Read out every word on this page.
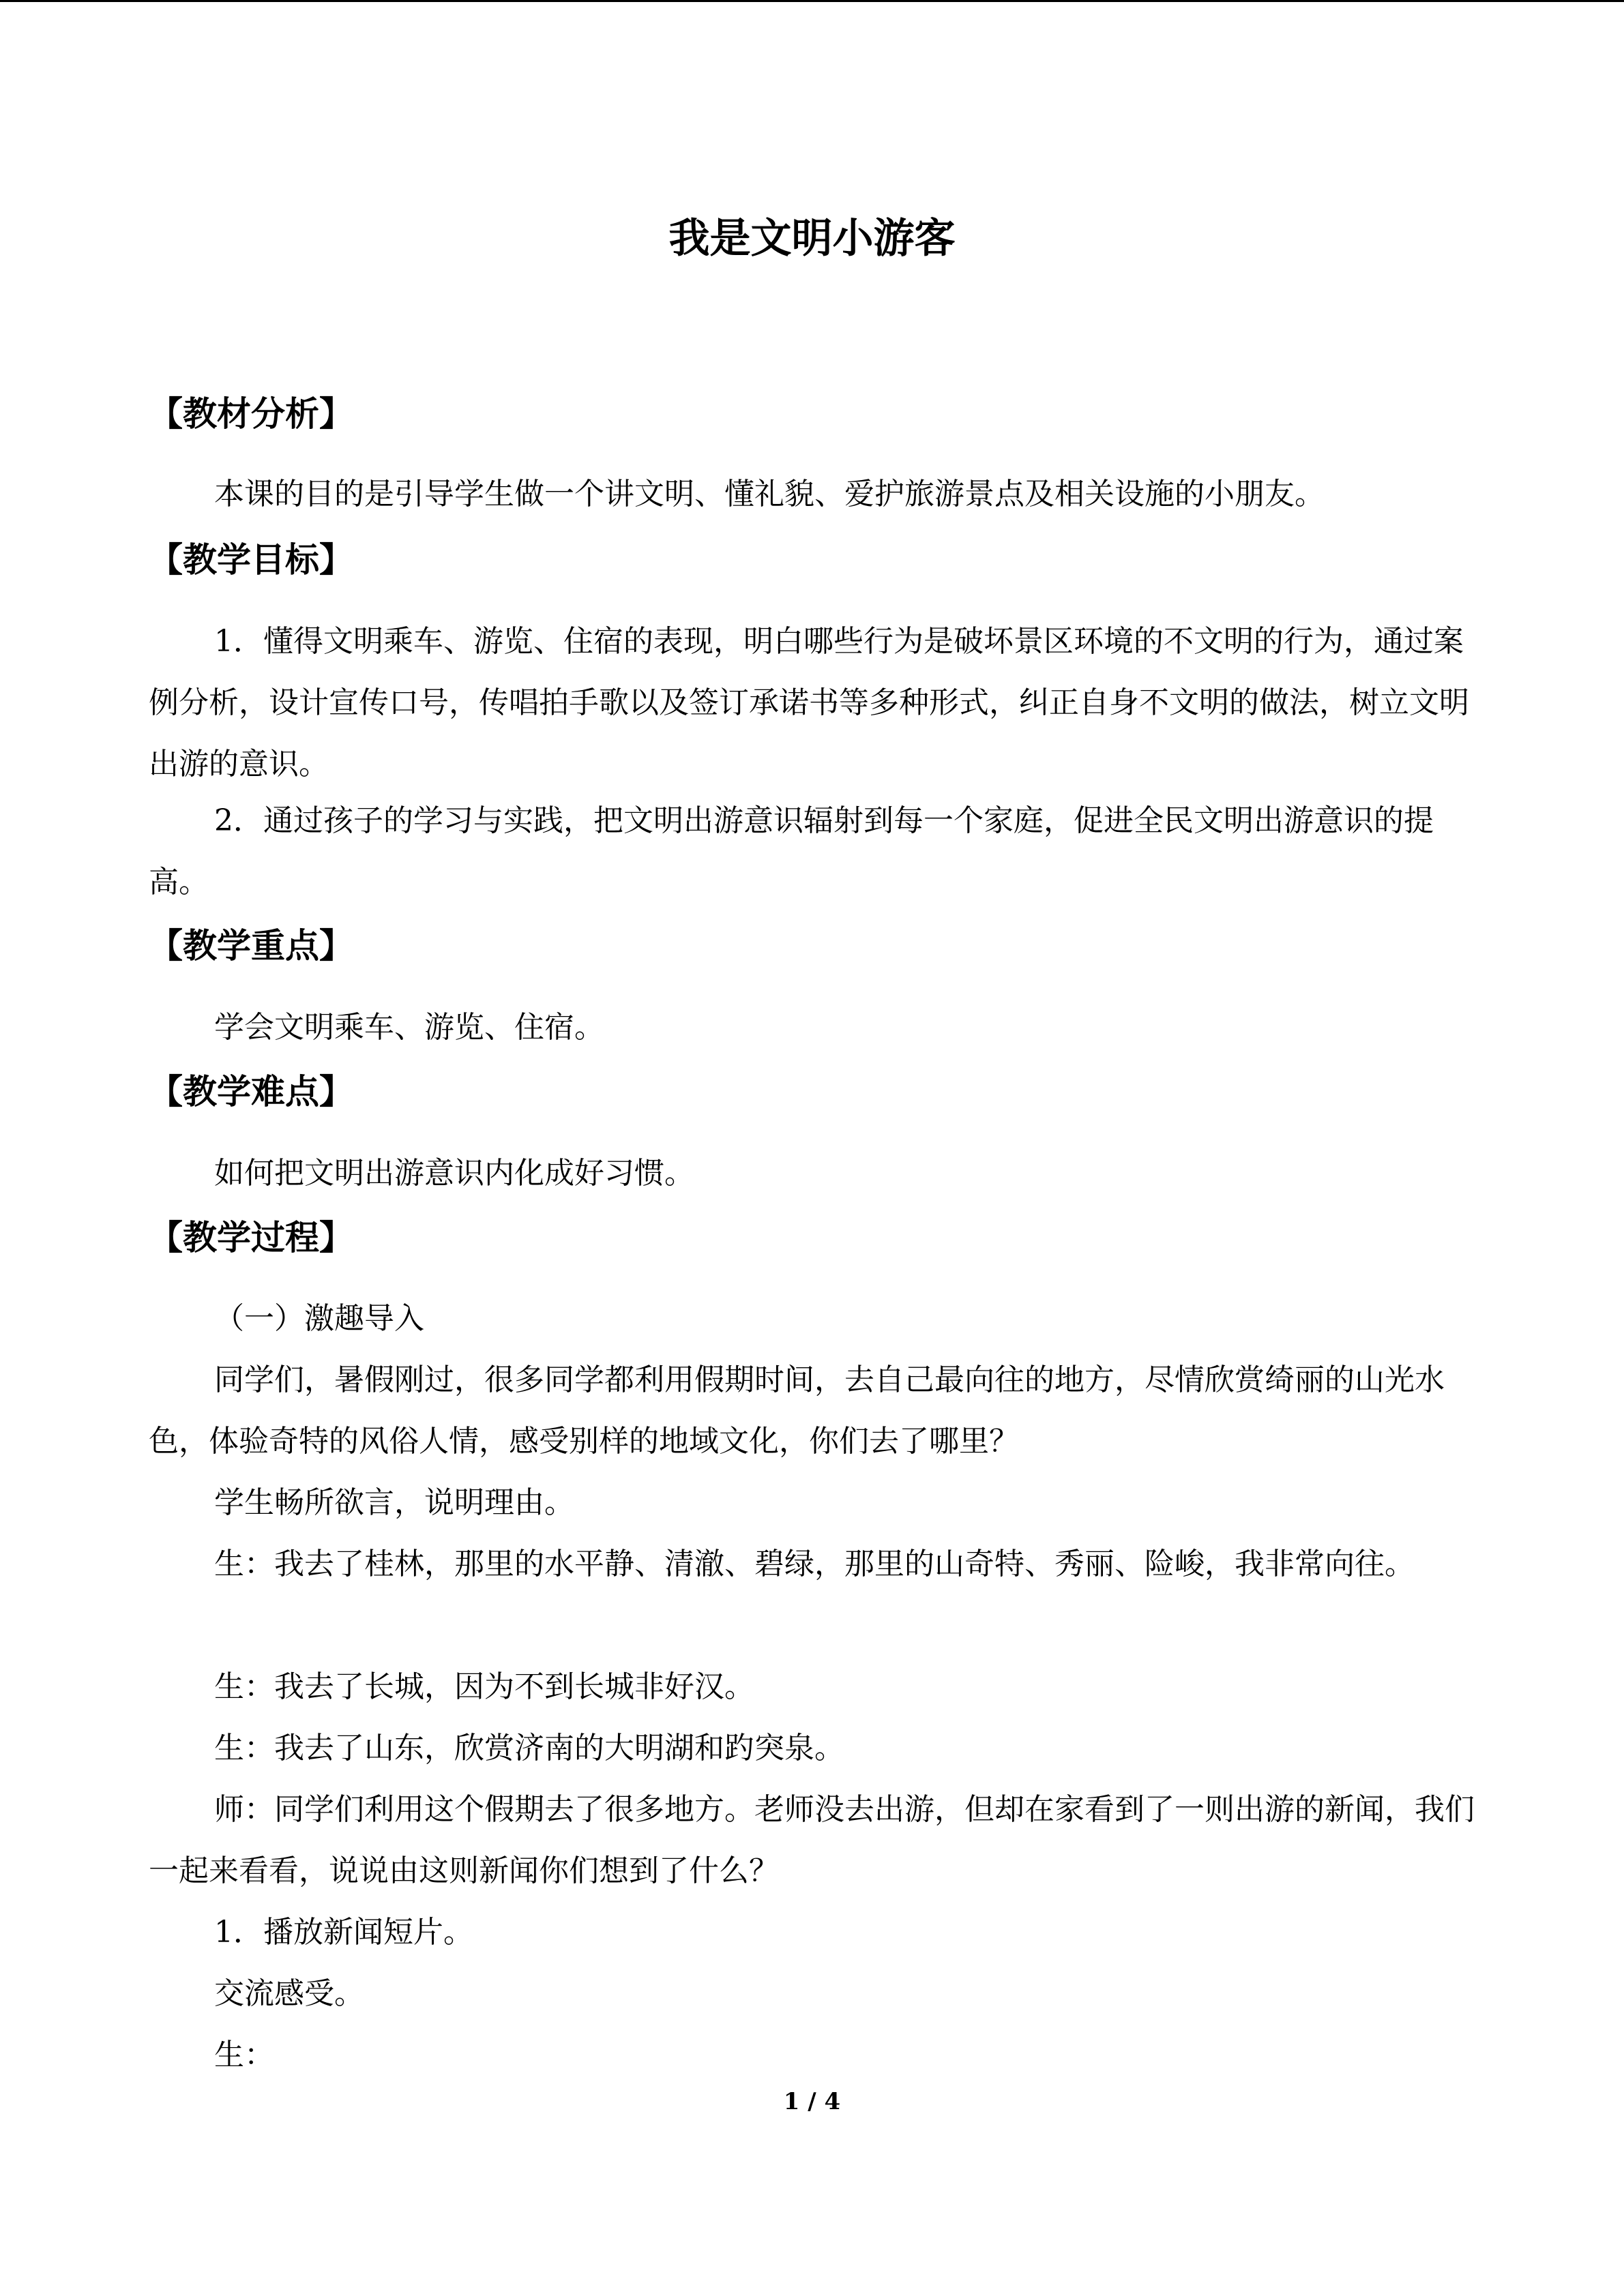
我是文明小游客
【教材分析】
本课的目的是引导学生做一个讲文明、懂礼貌、爱护旅游景点及相关设施的小朋友。
【教学目标】
1．懂得文明乘车、游览、住宿的表现，明白哪些行为是破坏景区环境的不文明的行为，通过案例分析，设计宣传口号，传唱拍手歌以及签订承诺书等多种形式，纠正自身不文明的做法，树立文明出游的意识。
2．通过孩子的学习与实践，把文明出游意识辐射到每一个家庭，促进全民文明出游意识的提高。
【教学重点】
学会文明乘车、游览、住宿。
【教学难点】
如何把文明出游意识内化成好习惯。
【教学过程】
（一）激趣导入
同学们，暑假刚过，很多同学都利用假期时间，去自己最向往的地方，尽情欣赏绮丽的山光水色，体验奇特的风俗人情，感受别样的地域文化，你们去了哪里？
学生畅所欲言，说明理由。
生：我去了桂林，那里的水平静、清澈、碧绿，那里的山奇特、秀丽、险峻，我非常向往。
生：我去了长城，因为不到长城非好汉。
生：我去了山东，欣赏济南的大明湖和趵突泉。
师：同学们利用这个假期去了很多地方。老师没去出游，但却在家看到了一则出游的新闻，我们一起来看看，说说由这则新闻你们想到了什么？
1．播放新闻短片。
交流感受。
生：
1 / 4
